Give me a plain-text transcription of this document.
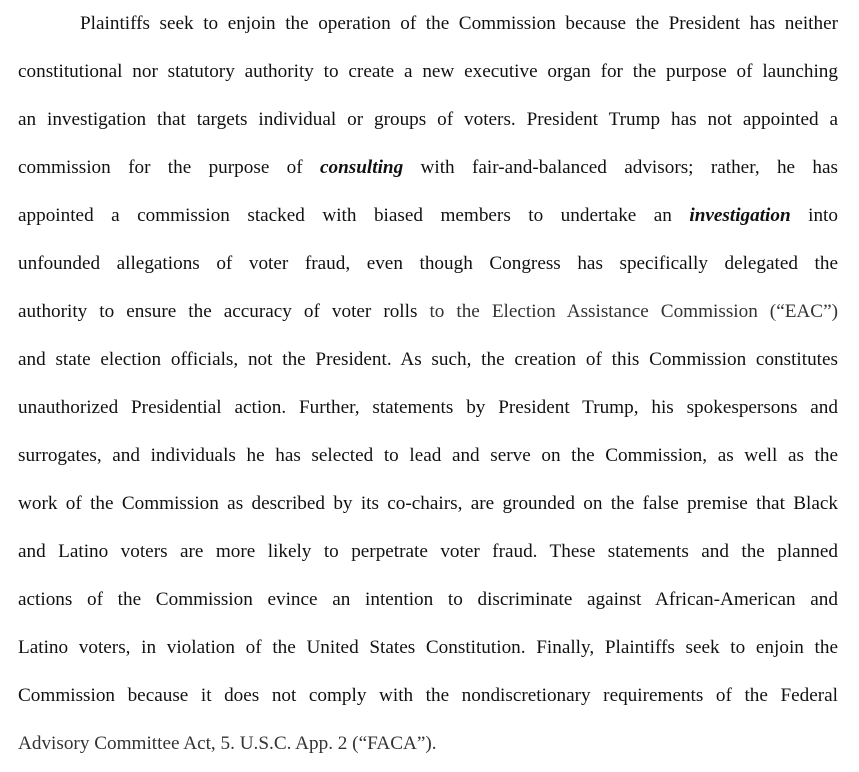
Plaintiffs seek to enjoin the operation of the Commission because the President has neither
constitutional nor statutory authority to create a new executive organ for the purpose of launching
an investigation that targets individual or groups of voters. President Trump has not appointed a
commission for the purpose of consulting with fair-and-balanced advisors; rather, he has
appointed a commission stacked with biased members to undertake an investigation into
unfounded allegations of voter fraud, even though Congress has specifically delegated the
authority to ensure the accuracy of voter rolls to the Election Assistance Commission (“EAC”)
and state election officials, not the President. As such, the creation of this Commission constitutes
unauthorized Presidential action. Further, statements by President Trump, his spokespersons and
surrogates, and individuals he has selected to lead and serve on the Commission, as well as the
work of the Commission as described by its co-chairs, are grounded on the false premise that Black
and Latino voters are more likely to perpetrate voter fraud. These statements and the planned
actions of the Commission evince an intention to discriminate against African-American and
Latino voters, in violation of the United States Constitution. Finally, Plaintiffs seek to enjoin the
Commission because it does not comply with the nondiscretionary requirements of the Federal
Advisory Committee Act, 5. U.S.C. App. 2 (“FACA”).
